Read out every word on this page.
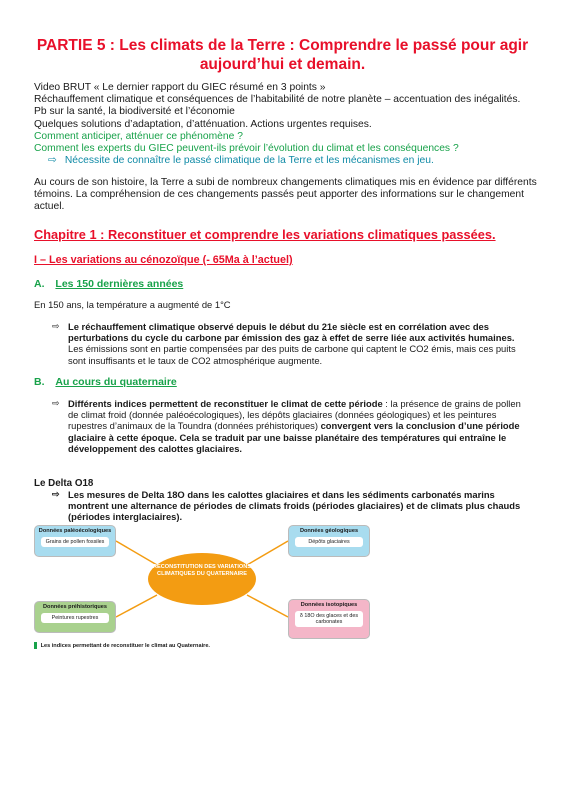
PARTIE 5 : Les climats de la Terre : Comprendre le passé pour agir
aujourd’hui et demain.
Video BRUT « Le dernier rapport du GIEC résumé en 3 points »
Réchauffement climatique et conséquences de l’habitabilité de notre planète – accentuation des inégalités.
Pb sur la santé, la biodiversité et l’économie
Quelques solutions d’adaptation, d’atténuation. Actions urgentes requises.
Comment anticiper, atténuer ce phénomène ?
Comment les experts du GIEC peuvent-ils prévoir l’évolution du climat et les conséquences ?
⇨ Nécessite de connaître le passé climatique de la Terre et les mécanismes en jeu.
Au cours de son histoire, la Terre a subi de nombreux changements climatiques mis en évidence par différents témoins. La compréhension de ces changements passés peut apporter des informations sur le changement actuel.
Chapitre 1 : Reconstituer et comprendre les variations climatiques passées.
I – Les variations au cénozoïque (- 65Ma à l’actuel)
A. Les 150 dernières années
En 150 ans, la température a augmenté de 1°C
⇨ Le réchauffement climatique observé depuis le début du 21e siècle est en corrélation avec des perturbations du cycle du carbone par émission des gaz à effet de serre liée aux activités humaines. Les émissions sont en partie compensées par des puits de carbone qui captent le CO2 émis, mais ces puits sont insuffisants et le taux de CO2 atmosphérique augmente.
B. Au cours du quaternaire
⇨ Différents indices permettent de reconstituer le climat de cette période : la présence de grains de pollen de climat froid (donnée paléoécologiques), les dépôts glaciaires (données géologiques) et les peintures rupestres d’animaux de la Toundra (données préhistoriques) convergent vers la conclusion d’une période glaciaire à cette époque. Cela se traduit par une baisse planétaire des températures qui entraîne le développement des calottes glaciaires.
Le Delta O18
⇨ Les mesures de Delta 18O dans les calottes glaciaires et dans les sédiments carbonatés marins montrent une alternance de périodes de climats froids (périodes glaciaires) et de climats plus chauds (périodes interglaciaires).
RECONSTITUTION DES VARIATIONS CLIMATIQUES DU QUATERNAIRE
Données paléoécologiques
Grains de pollen fossiles
Données géologiques
Dépôts glaciaires
Données préhistoriques
Peintures rupestres
Données isotopiques
δ 18O des glaces et des carbonates
Les indices permettant de reconstituer le climat au Quaternaire.
